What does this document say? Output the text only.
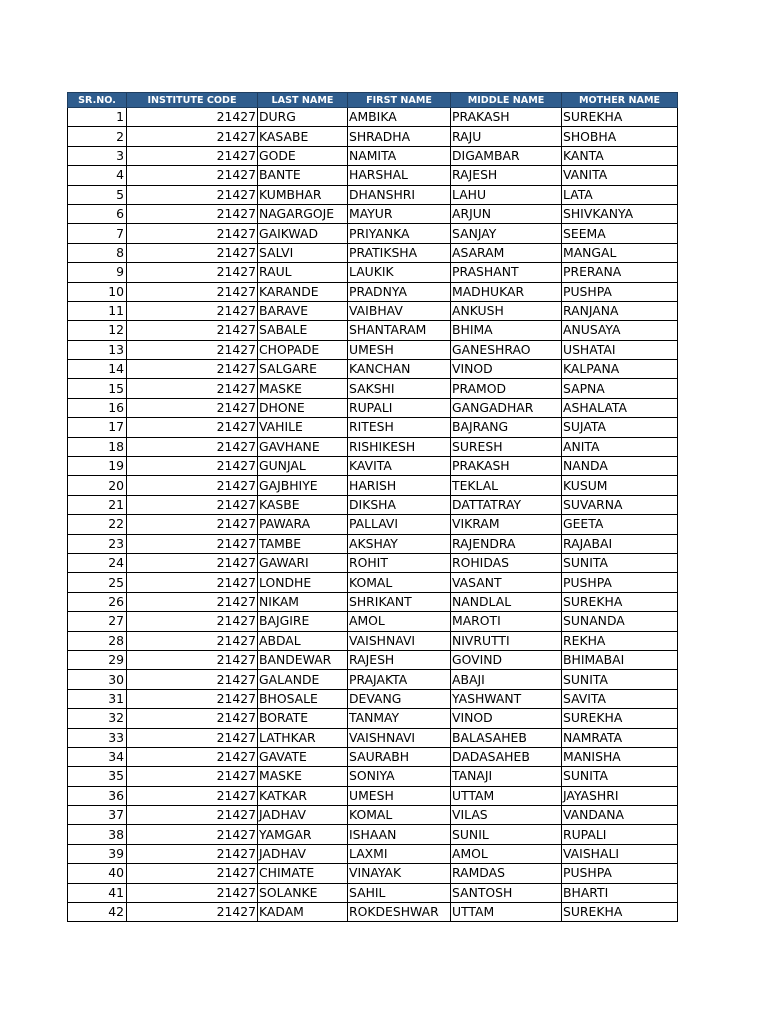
SR.NO.	INSTITUTE CODE	LAST NAME	FIRST NAME	MIDDLE NAME	MOTHER NAME
1	21427	DURG	AMBIKA	PRAKASH	SUREKHA
2	21427	KASABE	SHRADHA	RAJU	SHOBHA
3	21427	GODE	NAMITA	DIGAMBAR	KANTA
4	21427	BANTE	HARSHAL	RAJESH	VANITA
5	21427	KUMBHAR	DHANSHRI	LAHU	LATA
6	21427	NAGARGOJE	MAYUR	ARJUN	SHIVKANYA
7	21427	GAIKWAD	PRIYANKA	SANJAY	SEEMA
8	21427	SALVI	PRATIKSHA	ASARAM	MANGAL
9	21427	RAUL	LAUKIK	PRASHANT	PRERANA
10	21427	KARANDE	PRADNYA	MADHUKAR	PUSHPA
11	21427	BARAVE	VAIBHAV	ANKUSH	RANJANA
12	21427	SABALE	SHANTARAM	BHIMA	ANUSAYA
13	21427	CHOPADE	UMESH	GANESHRAO	USHATAI
14	21427	SALGARE	KANCHAN	VINOD	KALPANA
15	21427	MASKE	SAKSHI	PRAMOD	SAPNA
16	21427	DHONE	RUPALI	GANGADHAR	ASHALATA
17	21427	VAHILE	RITESH	BAJRANG	SUJATA
18	21427	GAVHANE	RISHIKESH	SURESH	ANITA
19	21427	GUNJAL	KAVITA	PRAKASH	NANDA
20	21427	GAJBHIYE	HARISH	TEKLAL	KUSUM
21	21427	KASBE	DIKSHA	DATTATRAY	SUVARNA
22	21427	PAWARA	PALLAVI	VIKRAM	GEETA
23	21427	TAMBE	AKSHAY	RAJENDRA	RAJABAI
24	21427	GAWARI	ROHIT	ROHIDAS	SUNITA
25	21427	LONDHE	KOMAL	VASANT	PUSHPA
26	21427	NIKAM	SHRIKANT	NANDLAL	SUREKHA
27	21427	BAJGIRE	AMOL	MAROTI	SUNANDA
28	21427	ABDAL	VAISHNAVI	NIVRUTTI	REKHA
29	21427	BANDEWAR	RAJESH	GOVIND	BHIMABAI
30	21427	GALANDE	PRAJAKTA	ABAJI	SUNITA
31	21427	BHOSALE	DEVANG	YASHWANT	SAVITA
32	21427	BORATE	TANMAY	VINOD	SUREKHA
33	21427	LATHKAR	VAISHNAVI	BALASAHEB	NAMRATA
34	21427	GAVATE	SAURABH	DADASAHEB	MANISHA
35	21427	MASKE	SONIYA	TANAJI	SUNITA
36	21427	KATKAR	UMESH	UTTAM	JAYASHRI
37	21427	JADHAV	KOMAL	VILAS	VANDANA
38	21427	YAMGAR	ISHAAN	SUNIL	RUPALI
39	21427	JADHAV	LAXMI	AMOL	VAISHALI
40	21427	CHIMATE	VINAYAK	RAMDAS	PUSHPA
41	21427	SOLANKE	SAHIL	SANTOSH	BHARTI
42	21427	KADAM	ROKDESHWAR	UTTAM	SUREKHA
